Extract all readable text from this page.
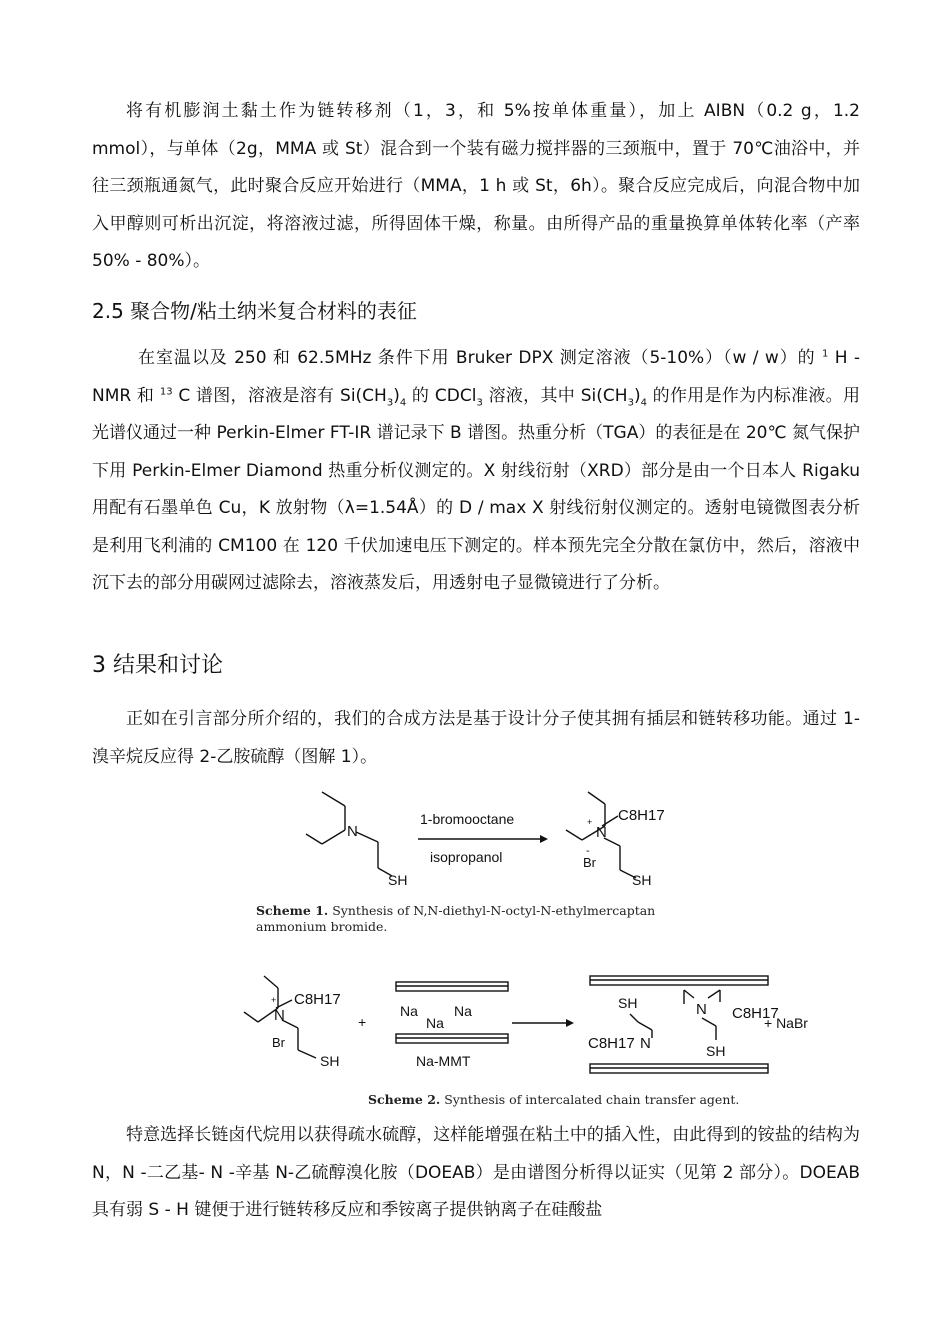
将有机膨润土黏土作为链转移剂（1，3，和 5%按单体重量），加上 AIBN（0.2 g，1.2 mmol），与单体（2g，MMA 或 St）混合到一个装有磁力搅拌器的三颈瓶中，置于 70℃油浴中，并往三颈瓶通氮气，此时聚合反应开始进行（MMA，1 h 或 St，6h）。聚合反应完成后，向混合物中加入甲醇则可析出沉淀，将溶液过滤，所得固体干燥，称量。由所得产品的重量换算单体转化率（产率 50% - 80%）。

2.5 聚合物/粘土纳米复合材料的表征

在室温以及 250 和 62.5MHz 条件下用 Bruker DPX 测定溶液（5-10%）（w / w）的 $^1$ H - NMR 和 $^{13}$ C 谱图，溶液是溶有 $Si(CH_3)_4$ 的 CDCl$_3$ 溶液，其中 $Si(CH_3)_4$ 的作用是作为内标准液。用光谱仪通过一种 Perkin-Elmer FT-IR 谱记录下 B 谱图。热重分析（TGA）的表征是在 20℃ 氮气保护下用 Perkin-Elmer Diamond 热重分析仪测定的。X 射线衍射（XRD）部分是由一个日本人 Rigaku 用配有石墨单色 Cu，K 放射物（λ=1.54Å）的 D / max X 射线衍射仪测定的。透射电镜微图表分析是利用飞利浦的 CM100 在 120 千伏加速电压下测定的。样本预先完全分散在氯仿中，然后，溶液中沉下去的部分用碳网过滤除去，溶液蒸发后，用透射电子显微镜进行了分析。

3 结果和讨论

正如在引言部分所介绍的，我们的合成方法是基于设计分子使其拥有插层和链转移功能。通过 1-溴辛烷反应得 2-乙胺硫醇（图解 1）。

N
SH
1-bromooctane
isopropanol
+
N
C8H17
Br
-
SH

Scheme 1. Synthesis of N,N-diethyl-N-octyl-N-ethylmercaptan ammonium bromide.

+
N
C8H17
Br
SH
+
Na
Na
Na
Na-MMT
SH	N C8H17
C8H17 N	SH
+ NaBr

Scheme 2. Synthesis of intercalated chain transfer agent.

特意选择长链卤代烷用以获得疏水硫醇，这样能增强在粘土中的插入性，由此得到的铵盐的结构为 N，N -二乙基- N -辛基 N-乙硫醇溴化胺（DOEAB）是由谱图分析得以证实（见第 2 部分）。DOEAB 具有弱 S - H 键便于进行链转移反应和季铵离子提供钠离子在硅酸盐
